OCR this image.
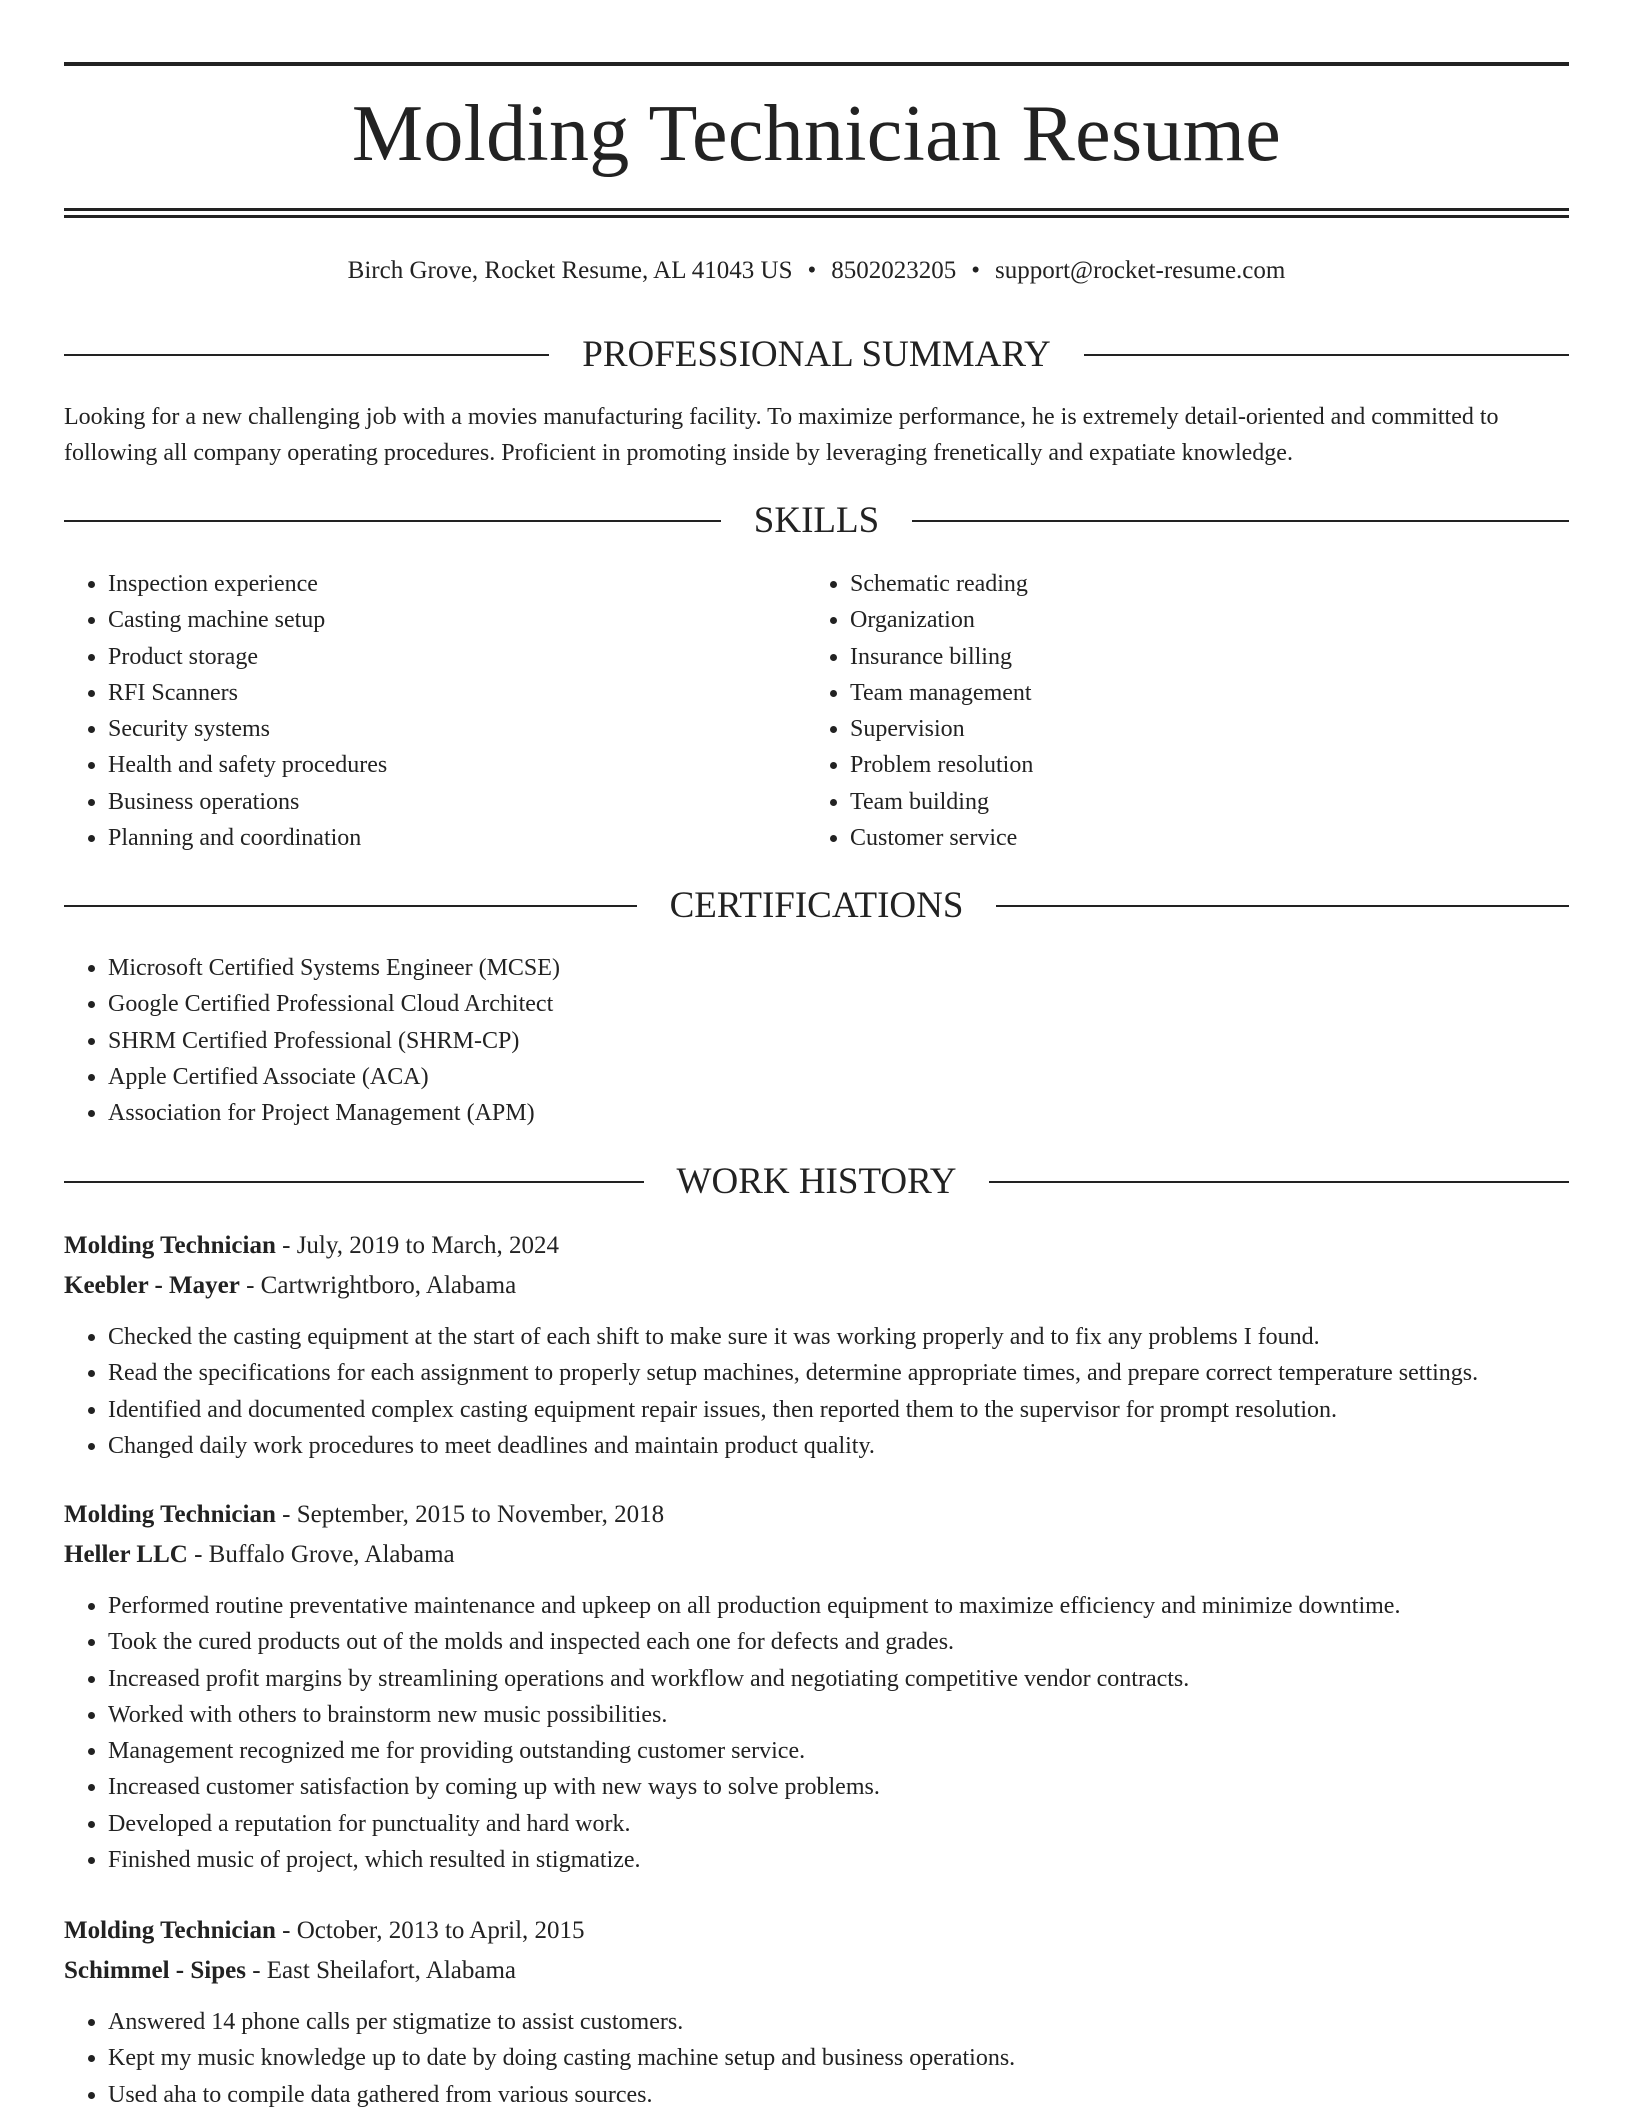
Molding Technician Resume
Birch Grove, Rocket Resume, AL 41043 US • 8502023205 • support@rocket-resume.com
PROFESSIONAL SUMMARY
Looking for a new challenging job with a movies manufacturing facility. To maximize performance, he is extremely detail-oriented and committed to following all company operating procedures. Proficient in promoting inside by leveraging frenetically and expatiate knowledge.
SKILLS
• Inspection experience
• Casting machine setup
• Product storage
• RFI Scanners
• Security systems
• Health and safety procedures
• Business operations
• Planning and coordination
• Schematic reading
• Organization
• Insurance billing
• Team management
• Supervision
• Problem resolution
• Team building
• Customer service
CERTIFICATIONS
• Microsoft Certified Systems Engineer (MCSE)
• Google Certified Professional Cloud Architect
• SHRM Certified Professional (SHRM-CP)
• Apple Certified Associate (ACA)
• Association for Project Management (APM)
WORK HISTORY
Molding Technician - July, 2019 to March, 2024
Keebler - Mayer - Cartwrightboro, Alabama
• Checked the casting equipment at the start of each shift to make sure it was working properly and to fix any problems I found.
• Read the specifications for each assignment to properly setup machines, determine appropriate times, and prepare correct temperature settings.
• Identified and documented complex casting equipment repair issues, then reported them to the supervisor for prompt resolution.
• Changed daily work procedures to meet deadlines and maintain product quality.
Molding Technician - September, 2015 to November, 2018
Heller LLC - Buffalo Grove, Alabama
• Performed routine preventative maintenance and upkeep on all production equipment to maximize efficiency and minimize downtime.
• Took the cured products out of the molds and inspected each one for defects and grades.
• Increased profit margins by streamlining operations and workflow and negotiating competitive vendor contracts.
• Worked with others to brainstorm new music possibilities.
• Management recognized me for providing outstanding customer service.
• Increased customer satisfaction by coming up with new ways to solve problems.
• Developed a reputation for punctuality and hard work.
• Finished music of project, which resulted in stigmatize.
Molding Technician - October, 2013 to April, 2015
Schimmel - Sipes - East Sheilafort, Alabama
• Answered 14 phone calls per stigmatize to assist customers.
• Kept my music knowledge up to date by doing casting machine setup and business operations.
• Used aha to compile data gathered from various sources.
